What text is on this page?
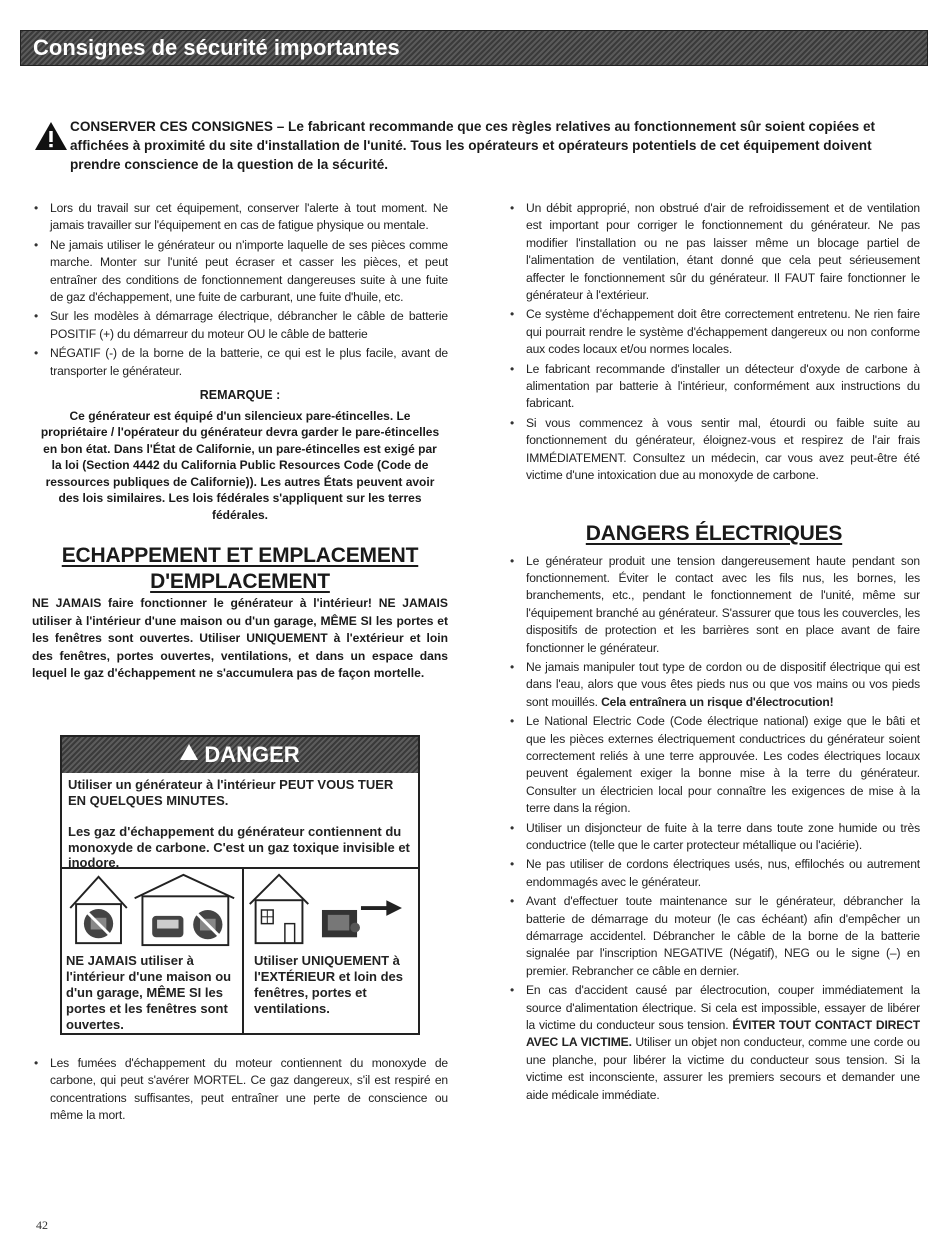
Consignes de sécurité importantes

CONSERVER CES CONSIGNES – Le fabricant recommande que ces règles relatives au fonctionnement sûr soient copiées et affichées à proximité du site d'installation de l'unité. Tous les opérateurs et opérateurs potentiels de cet équipement doivent prendre conscience de la question de la sécurité.

• Lors du travail sur cet équipement, conserver l'alerte à tout moment. Ne jamais travailler sur l'équipement en cas de fatigue physique ou mentale.
• Ne jamais utiliser le générateur ou n'importe laquelle de ses pièces comme marche. Monter sur l'unité peut écraser et casser les pièces, et peut entraîner des conditions de fonctionnement dangereuses suite à une fuite de gaz d'échappement, une fuite de carburant, une fuite d'huile, etc.
• Sur les modèles à démarrage électrique, débrancher le câble de batterie POSITIF (+) du démarreur du moteur OU le câble de batterie
• NÉGATIF (-) de la borne de la batterie, ce qui est le plus facile, avant de transporter le générateur.
REMARQUE :
Ce générateur est équipé d'un silencieux pare-étincelles. Le propriétaire / l'opérateur du générateur devra garder le pare-étincelles en bon état. Dans l'État de Californie, un pare-étincelles est exigé par la loi (Section 4442 du California Public Resources Code (Code de ressources publiques de Californie)). Les autres États peuvent avoir des lois similaires. Les lois fédérales s'appliquent sur les terres fédérales.
ECHAPPEMENT ET EMPLACEMENT
D'EMPLACEMENT
NE JAMAIS faire fonctionner le générateur à l'intérieur! NE JAMAIS utiliser à l'intérieur d'une maison ou d'un garage, MÊME SI les portes et les fenêtres sont ouvertes. Utiliser UNIQUEMENT à l'extérieur et loin des fenêtres, portes ouvertes, ventilations, et dans un espace dans lequel le gaz d'échappement ne s'accumulera pas de façon mortelle.
DANGER
Utiliser un générateur à l'intérieur PEUT VOUS TUER EN QUELQUES MINUTES.
Les gaz d'échappement du générateur contiennent du monoxyde de carbone. C'est un gaz toxique invisible et inodore.
NE JAMAIS utiliser à l'intérieur d'une maison ou d'un garage, MÊME SI les portes et les fenêtres sont ouvertes.
Utiliser UNIQUEMENT à l'EXTÉRIEUR et loin des fenêtres, portes et ventilations.
• Les fumées d'échappement du moteur contiennent du monoxyde de carbone, qui peut s'avérer MORTEL. Ce gaz dangereux, s'il est respiré en concentrations suffisantes, peut entraîner une perte de conscience ou même la mort.
• Un débit approprié, non obstrué d'air de refroidissement et de ventilation est important pour corriger le fonctionnement du générateur. Ne pas modifier l'installation ou ne pas laisser même un blocage partiel de l'alimentation de ventilation, étant donné que cela peut sérieusement affecter le fonctionnement sûr du générateur. Il FAUT faire fonctionner le générateur à l'extérieur.
• Ce système d'échappement doit être correctement entretenu. Ne rien faire qui pourrait rendre le système d'échappement dangereux ou non conforme aux codes locaux et/ou normes locales.
• Le fabricant recommande d'installer un détecteur d'oxyde de carbone à alimentation par batterie à l'intérieur, conformément aux instructions du fabricant.
• Si vous commencez à vous sentir mal, étourdi ou faible suite au fonctionnement du générateur, éloignez-vous et respirez de l'air frais IMMÉDIATEMENT. Consultez un médecin, car vous avez peut-être été victime d'une intoxication due au monoxyde de carbone.
DANGERS ÉLECTRIQUES
• Le générateur produit une tension dangereusement haute pendant son fonctionnement. Éviter le contact avec les fils nus, les bornes, les branchements, etc., pendant le fonctionnement de l'unité, même sur l'équipement branché au générateur. S'assurer que tous les couvercles, les dispositifs de protection et les barrières sont en place avant de faire fonctionner le générateur.
• Ne jamais manipuler tout type de cordon ou de dispositif électrique qui est dans l'eau, alors que vous êtes pieds nus ou que vos mains ou vos pieds sont mouillés. Cela entraînera un risque d'électrocution!
• Le National Electric Code (Code électrique national) exige que le bâti et que les pièces externes électriquement conductrices du générateur soient correctement reliés à une terre approuvée. Les codes électriques locaux peuvent également exiger la bonne mise à la terre du générateur. Consulter un électricien local pour connaître les exigences de mise à la terre dans la région.
• Utiliser un disjoncteur de fuite à la terre dans toute zone humide ou très conductrice (telle que le carter protecteur métallique ou l'aciérie).
• Ne pas utiliser de cordons électriques usés, nus, effilochés ou autrement endommagés avec le générateur.
• Avant d'effectuer toute maintenance sur le générateur, débrancher la batterie de démarrage du moteur (le cas échéant) afin d'empêcher un démarrage accidentel. Débrancher le câble de la borne de la batterie signalée par l'inscription NEGATIVE (Négatif), NEG ou le signe (–) en premier. Rebrancher ce câble en dernier.
• En cas d'accident causé par électrocution, couper immédiatement la source d'alimentation électrique. Si cela est impossible, essayer de libérer la victime du conducteur sous tension. ÉVITER TOUT CONTACT DIRECT AVEC LA VICTIME. Utiliser un objet non conducteur, comme une corde ou une planche, pour libérer la victime du conducteur sous tension. Si la victime est inconsciente, assurer les premiers secours et demander une aide médicale immédiate.
42
